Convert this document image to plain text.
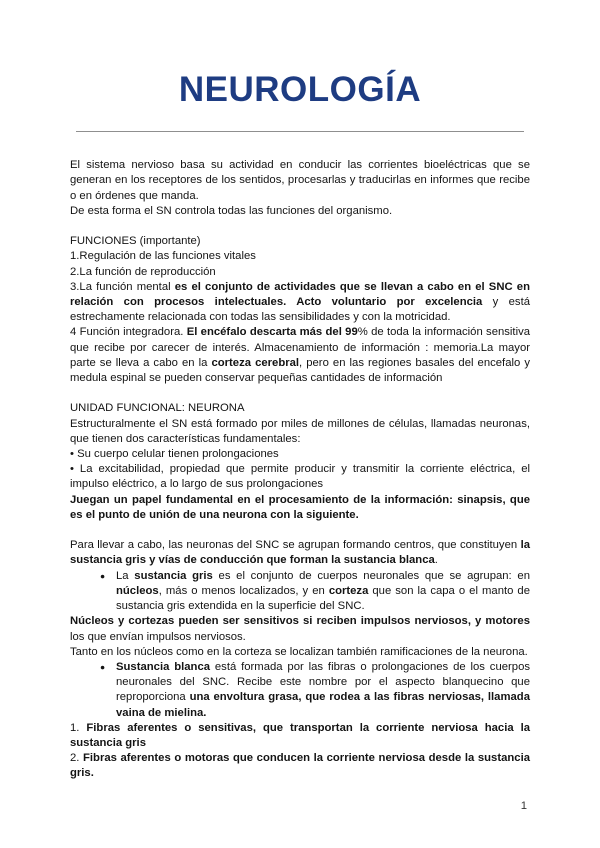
NEUROLOGÍA

El sistema nervioso basa su actividad en conducir las corrientes bioeléctricas que se generan en los receptores de los sentidos, procesarlas y traducirlas en informes que recibe o en órdenes que manda.

De esta forma el SN controla todas las funciones del organismo.

FUNCIONES (importante)

1.Regulación de las funciones vitales

2.La función de reproducción

3.La función mental es el conjunto de actividades que se llevan a cabo en el SNC en relación con procesos intelectuales. Acto voluntario por excelencia y está estrechamente relacionada con todas las sensibilidades y con la motricidad.

4 Función integradora. El encéfalo descarta más del 99% de toda la información sensitiva que recibe por carecer de interés. Almacenamiento de información : memoria.La mayor parte se lleva a cabo en la corteza cerebral, pero en las regiones basales del encefalo y medula espinal se pueden conservar pequeñas cantidades de información

UNIDAD FUNCIONAL: NEURONA

Estructuralmente el SN está formado por miles de millones de células, llamadas neuronas, que tienen dos características fundamentales:

• Su cuerpo celular tienen prolongaciones

• La excitabilidad, propiedad que permite producir y transmitir la corriente eléctrica, el impulso eléctrico, a lo largo de sus prolongaciones

Juegan un papel fundamental en el procesamiento de la información: sinapsis, que es el punto de unión de una neurona con la siguiente.

Para llevar a cabo, las neuronas del SNC se agrupan formando centros, que constituyen la sustancia gris y vías de conducción que forman la sustancia blanca.

● La sustancia gris es el conjunto de cuerpos neuronales que se agrupan: en núcleos, más o menos localizados, y en corteza que son la capa o el manto de sustancia gris extendida en la superficie del SNC.

Núcleos y cortezas pueden ser sensitivos si reciben impulsos nerviosos, y motores los que envían impulsos nerviosos.

Tanto en los núcleos como en la corteza se localizan también ramificaciones de la neurona.

● Sustancia blanca está formada por las fibras o prolongaciones de los cuerpos neuronales del SNC. Recibe este nombre por el aspecto blanquecino que reproporciona una envoltura grasa, que rodea a las fibras nerviosas, llamada vaina de mielina.

1. Fibras aferentes o sensitivas, que transportan la corriente nerviosa hacia la sustancia gris

2. Fibras aferentes o motoras que conducen la corriente nerviosa desde la sustancia gris.

1
